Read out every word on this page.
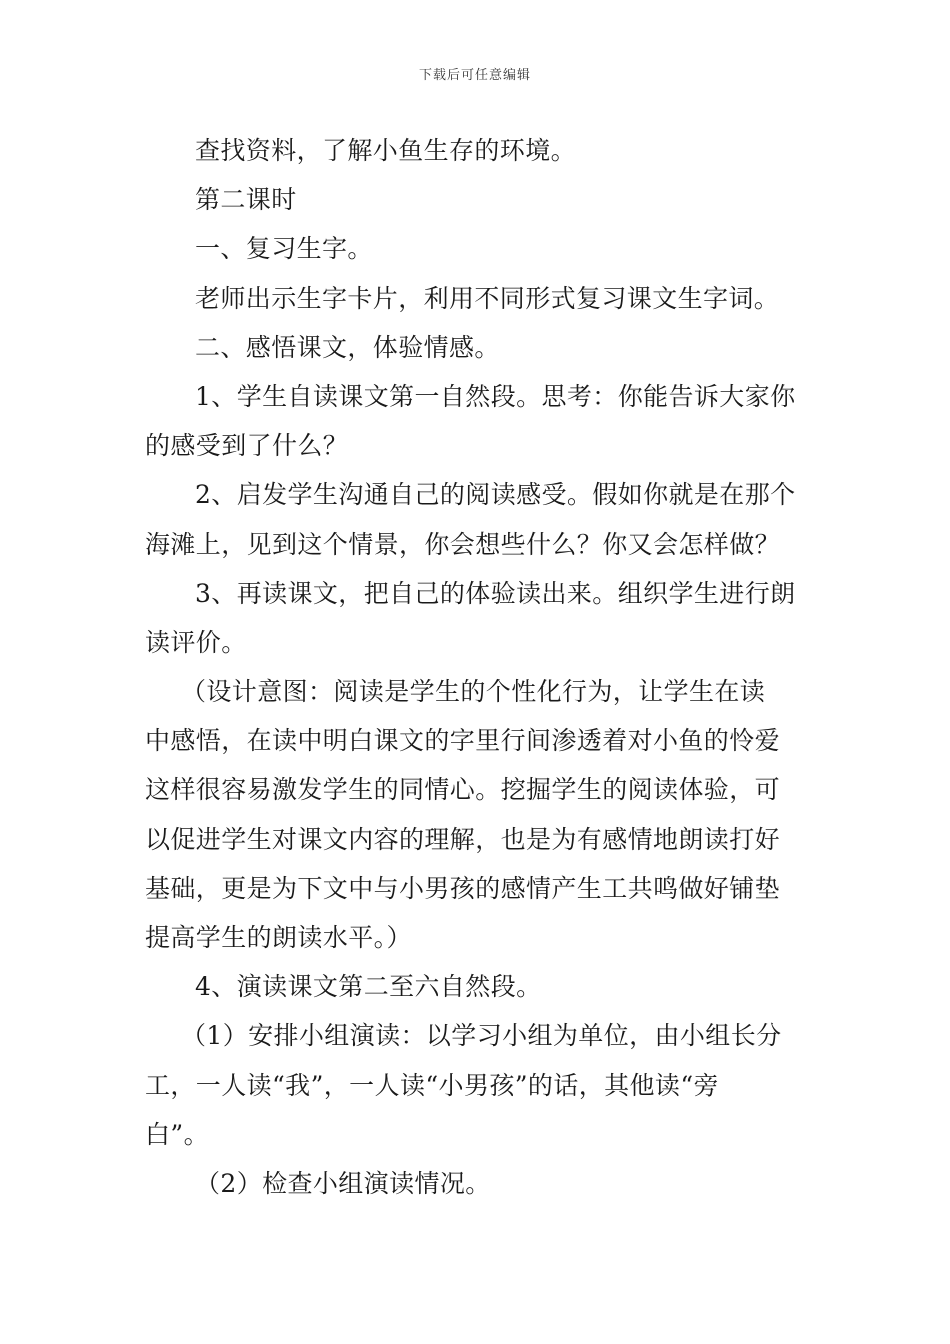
下载后可任意编辑
查找资料，了解小鱼生存的环境。
第二课时
一、复习生字。
老师出示生字卡片，利用不同形式复习课文生字词。
二、感悟课文，体验情感。
1、学生自读课文第一自然段。思考：你能告诉大家你
的感受到了什么？
2、启发学生沟通自己的阅读感受。假如你就是在那个
海滩上，见到这个情景，你会想些什么？你又会怎样做？
3、再读课文，把自己的体验读出来。组织学生进行朗
读评价。
（设计意图：阅读是学生的个性化行为，让学生在读
中感悟，在读中明白课文的字里行间渗透着对小鱼的怜爱
这样很容易激发学生的同情心。挖掘学生的阅读体验，可
以促进学生对课文内容的理解，也是为有感情地朗读打好
基础，更是为下文中与小男孩的感情产生工共鸣做好铺垫
提高学生的朗读水平。）
4、演读课文第二至六自然段。
（1）安排小组演读：以学习小组为单位，由小组长分
工，一人读“我”，一人读“小男孩”的话，其他读“旁
白”。
（2）检查小组演读情况。
